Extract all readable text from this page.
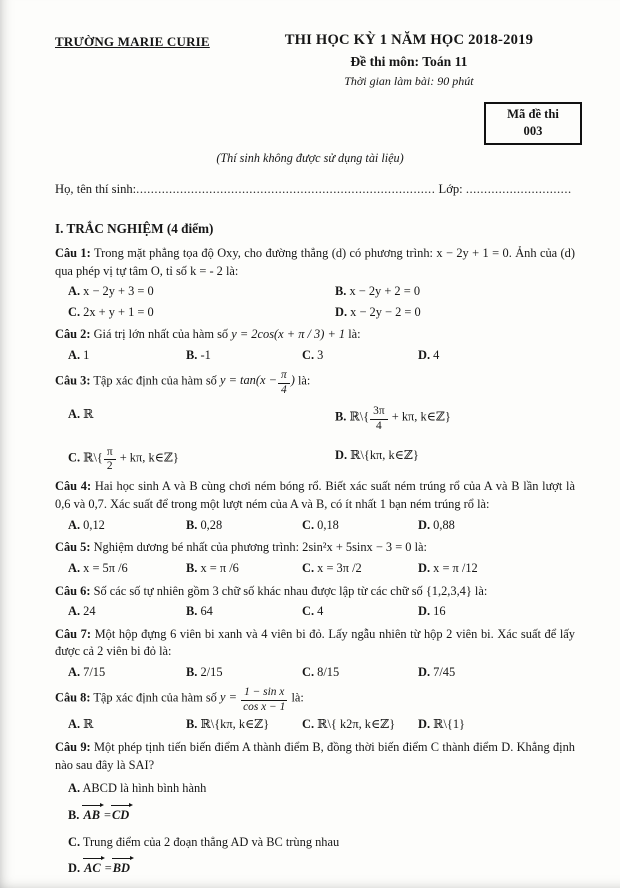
TRƯỜNG MARIE CURIE	THI HỌC KỲ 1 NĂM HỌC 2018-2019
Đề thi môn: Toán 11
Thời gian làm bài: 90 phút
Mã đề thi
003
(Thí sinh không được sử dụng tài liệu)
Họ, tên thí sinh:.................................................................................. Lớp: .............................
I. TRẮC NGHIỆM (4 điểm)

Câu 1: Trong mặt phẳng tọa độ Oxy, cho đường thẳng (d) có phương trình: x − 2y + 1 = 0. Ảnh của (d) qua phép vị tự tâm O, tỉ số k = - 2 là:

A. x − 2y + 3 = 0	B. x − 2y + 2 = 0
C. 2x + y + 1 = 0	D. x − 2y − 2 = 0

Câu 2: Giá trị lớn nhất của hàm số y = 2cos(x + π / 3) + 1 là:

A. 1	B. -1	C. 3	D. 4

Câu 3: Tập xác định của hàm số $y = \tan(x - \frac{\pi}{4}$ ) là:

A. ℝ	B. ℝ\{ $\frac{3\pi}{4} + k\pi$, k∈ℤ}
C. ℝ\{ $\frac{\pi}{2} + k\pi$, k∈ℤ}	D. ℝ\{kπ, k∈ℤ}

Câu 4: Hai học sinh A và B cùng chơi ném bóng rổ. Biết xác suất ném trúng rổ của A và B lần lượt là 0,6 và 0,7. Xác suất để trong một lượt ném của A và B, có ít nhất 1 bạn ném trúng rổ là:

A. 0,12	B. 0,28	C. 0,18	D. 0,88

Câu 5: Nghiệm dương bé nhất của phương trình: 2sin²x + 5sinx − 3 = 0 là:

A. x = 5π /6	B. x = π /6	C. x = 3π /2	D. x = π /12

Câu 6: Số các số tự nhiên gồm 3 chữ số khác nhau được lập từ các chữ số {1,2,3,4} là:

A. 24	B. 64	C. 4	D. 16

Câu 7: Một hộp đựng 6 viên bi xanh và 4 viên bi đỏ. Lấy ngẫu nhiên từ hộp 2 viên bi. Xác suất để lấy được cả 2 viên bi đỏ là:

A. 7/15	B. 2/15	C. 8/15	D. 7/45

Câu 8: Tập xác định của hàm số $y = \frac{\text{1 − sin x}}{\text{cos x − 1}}$ là:

A. ℝ	B. ℝ\{kπ, k∈ℤ}	C. ℝ\{ k2π, k∈ℤ}	D. ℝ\{1}

Câu 9: Một phép tịnh tiến biến điểm A thành điểm B, đồng thời biến điểm C thành điểm D. Khẳng định nào sau đây là SAI?

A. ABCD là hình bình hành
B. AB =CD
C. Trung điểm của 2 đoạn thẳng AD và BC trùng nhau
D. AC =BD
